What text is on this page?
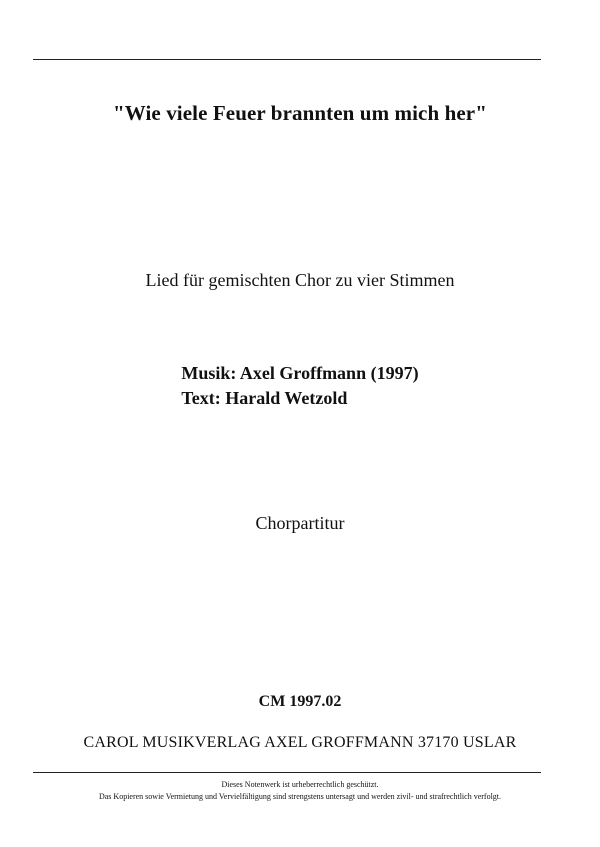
"Wie viele Feuer brannten um mich her"
Lied für gemischten Chor zu vier Stimmen
Musik: Axel Groffmann (1997)
Text: Harald Wetzold
Chorpartitur
CM 1997.02
CAROL MUSIKVERLAG AXEL GROFFMANN 37170 USLAR
Dieses Notenwerk ist urheberrechtlich geschützt.
Das Kopieren sowie Vermietung und Vervielfältigung sind strengstens untersagt und werden zivil- und strafrechtlich verfolgt.
